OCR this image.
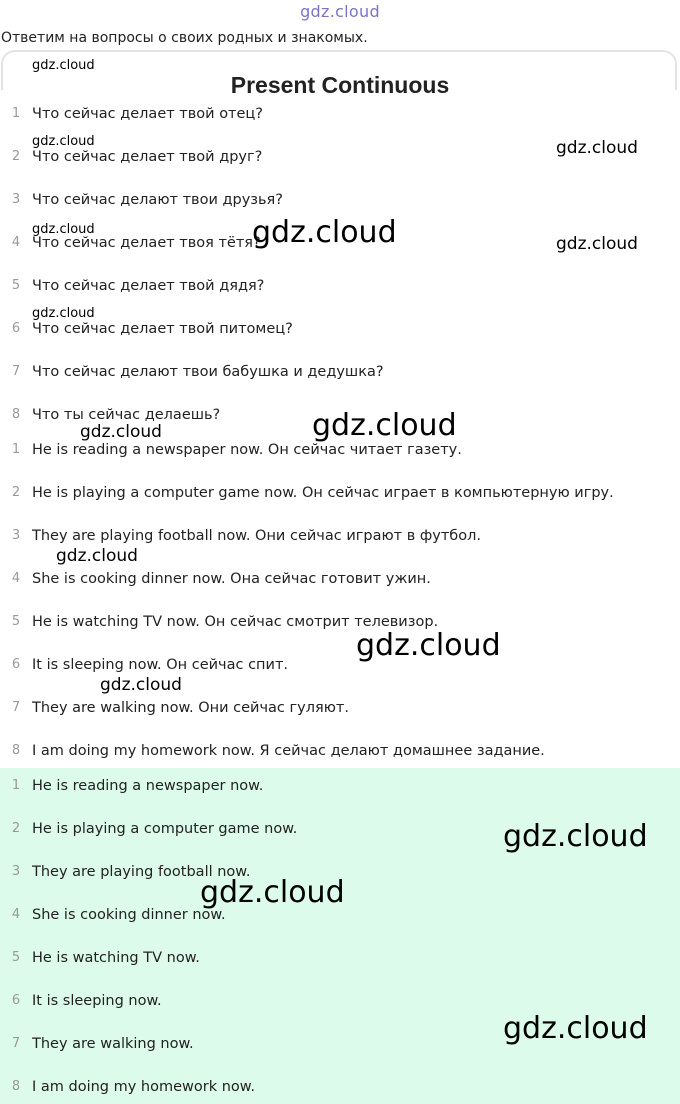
gdz.cloud
Ответим на вопросы о своих родных и знакомых.
Present Continuous
1 Что сейчас делает твой отец?
2 Что сейчас делает твой друг?
3 Что сейчас делают твои друзья?
4 Что сейчас делает твоя тётя?
5 Что сейчас делает твой дядя?
6 Что сейчас делает твой питомец?
7 Что сейчас делают твои бабушка и дедушка?
8 Что ты сейчас делаешь?
1 He is reading a newspaper now. Он сейчас читает газету.
2 He is playing a computer game now. Он сейчас играет в компьютерную игру.
3 They are playing football now. Они сейчас играют в футбол.
4 She is cooking dinner now. Она сейчас готовит ужин.
5 He is watching TV now. Он сейчас смотрит телевизор.
6 It is sleeping now. Он сейчас спит.
7 They are walking now. Они сейчас гуляют.
8 I am doing my homework now. Я сейчас делают домашнее задание.
1 He is reading a newspaper now.
2 He is playing a computer game now.
3 They are playing football now.
4 She is cooking dinner now.
5 He is watching TV now.
6 It is sleeping now.
7 They are walking now.
8 I am doing my homework now.
gdz.cloud
gdz.cloud	gdz.cloud
gdz.cloud	gdz.cloud	gdz.cloud
gdz.cloud
gdz.cloud	gdz.cloud
gdz.cloud
gdz.cloud
gdz.cloud
gdz.cloud
gdz.cloud
gdz.cloud
